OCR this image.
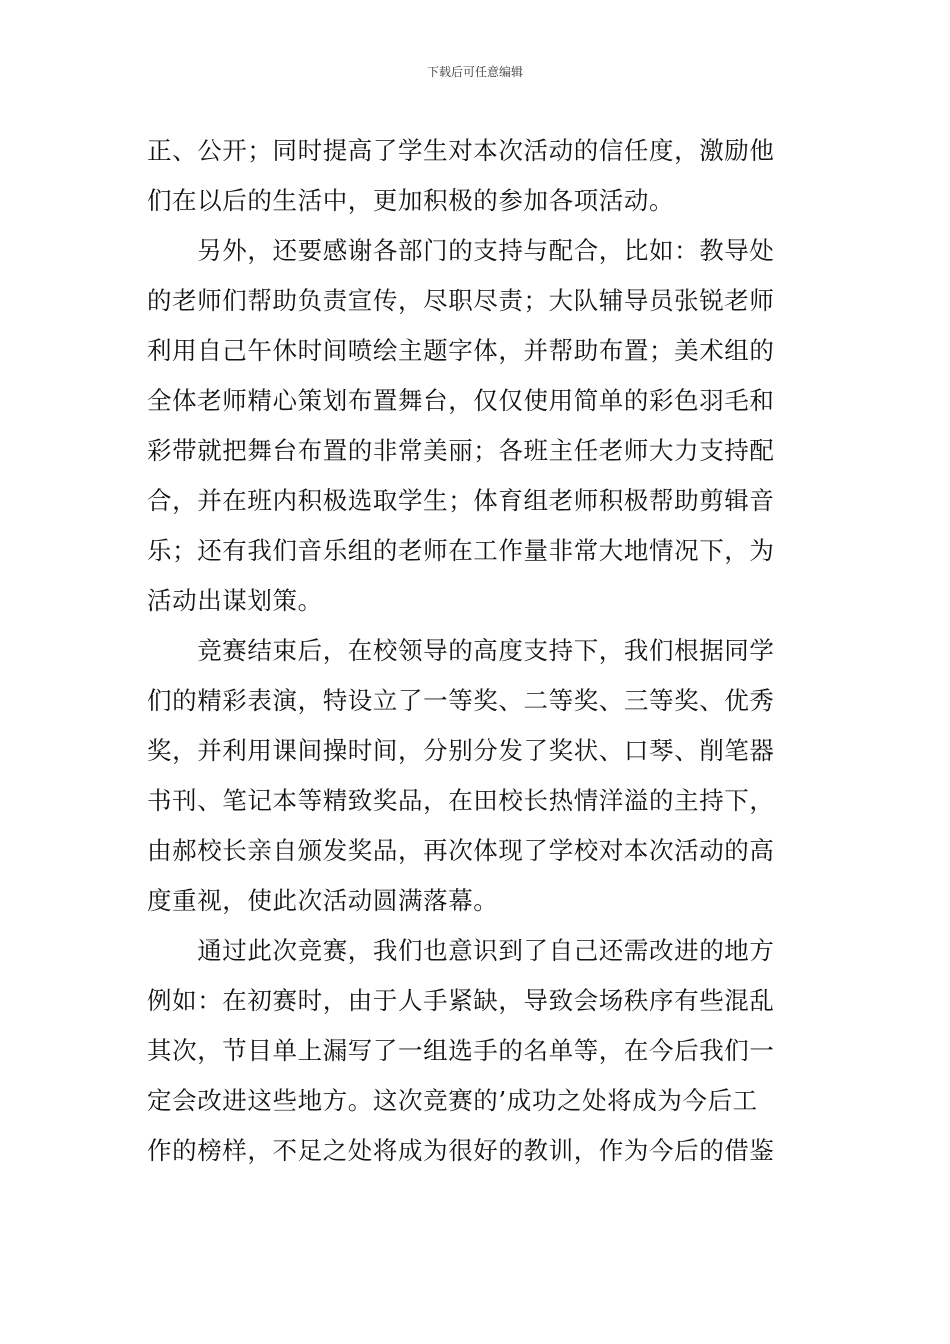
下载后可任意编辑
正、公开；同时提高了学生对本次活动的信任度，激励他
们在以后的生活中，更加积极的参加各项活动。
　　另外，还要感谢各部门的支持与配合，比如：教导处
的老师们帮助负责宣传，尽职尽责；大队辅导员张锐老师
利用自己午休时间喷绘主题字体，并帮助布置；美术组的
全体老师精心策划布置舞台，仅仅使用简单的彩色羽毛和
彩带就把舞台布置的非常美丽；各班主任老师大力支持配
合，并在班内积极选取学生；体育组老师积极帮助剪辑音
乐；还有我们音乐组的老师在工作量非常大地情况下，为
活动出谋划策。
　　竞赛结束后，在校领导的高度支持下，我们根据同学
们的精彩表演，特设立了一等奖、二等奖、三等奖、优秀
奖，并利用课间操时间，分别分发了奖状、口琴、削笔器
书刊、笔记本等精致奖品，在田校长热情洋溢的主持下，
由郝校长亲自颁发奖品，再次体现了学校对本次活动的高
度重视，使此次活动圆满落幕。
　　通过此次竞赛，我们也意识到了自己还需改进的地方
例如：在初赛时，由于人手紧缺，导致会场秩序有些混乱
其次，节目单上漏写了一组选手的名单等，在今后我们一
定会改进这些地方。这次竞赛的’成功之处将成为今后工
作的榜样，不足之处将成为很好的教训，作为今后的借鉴
